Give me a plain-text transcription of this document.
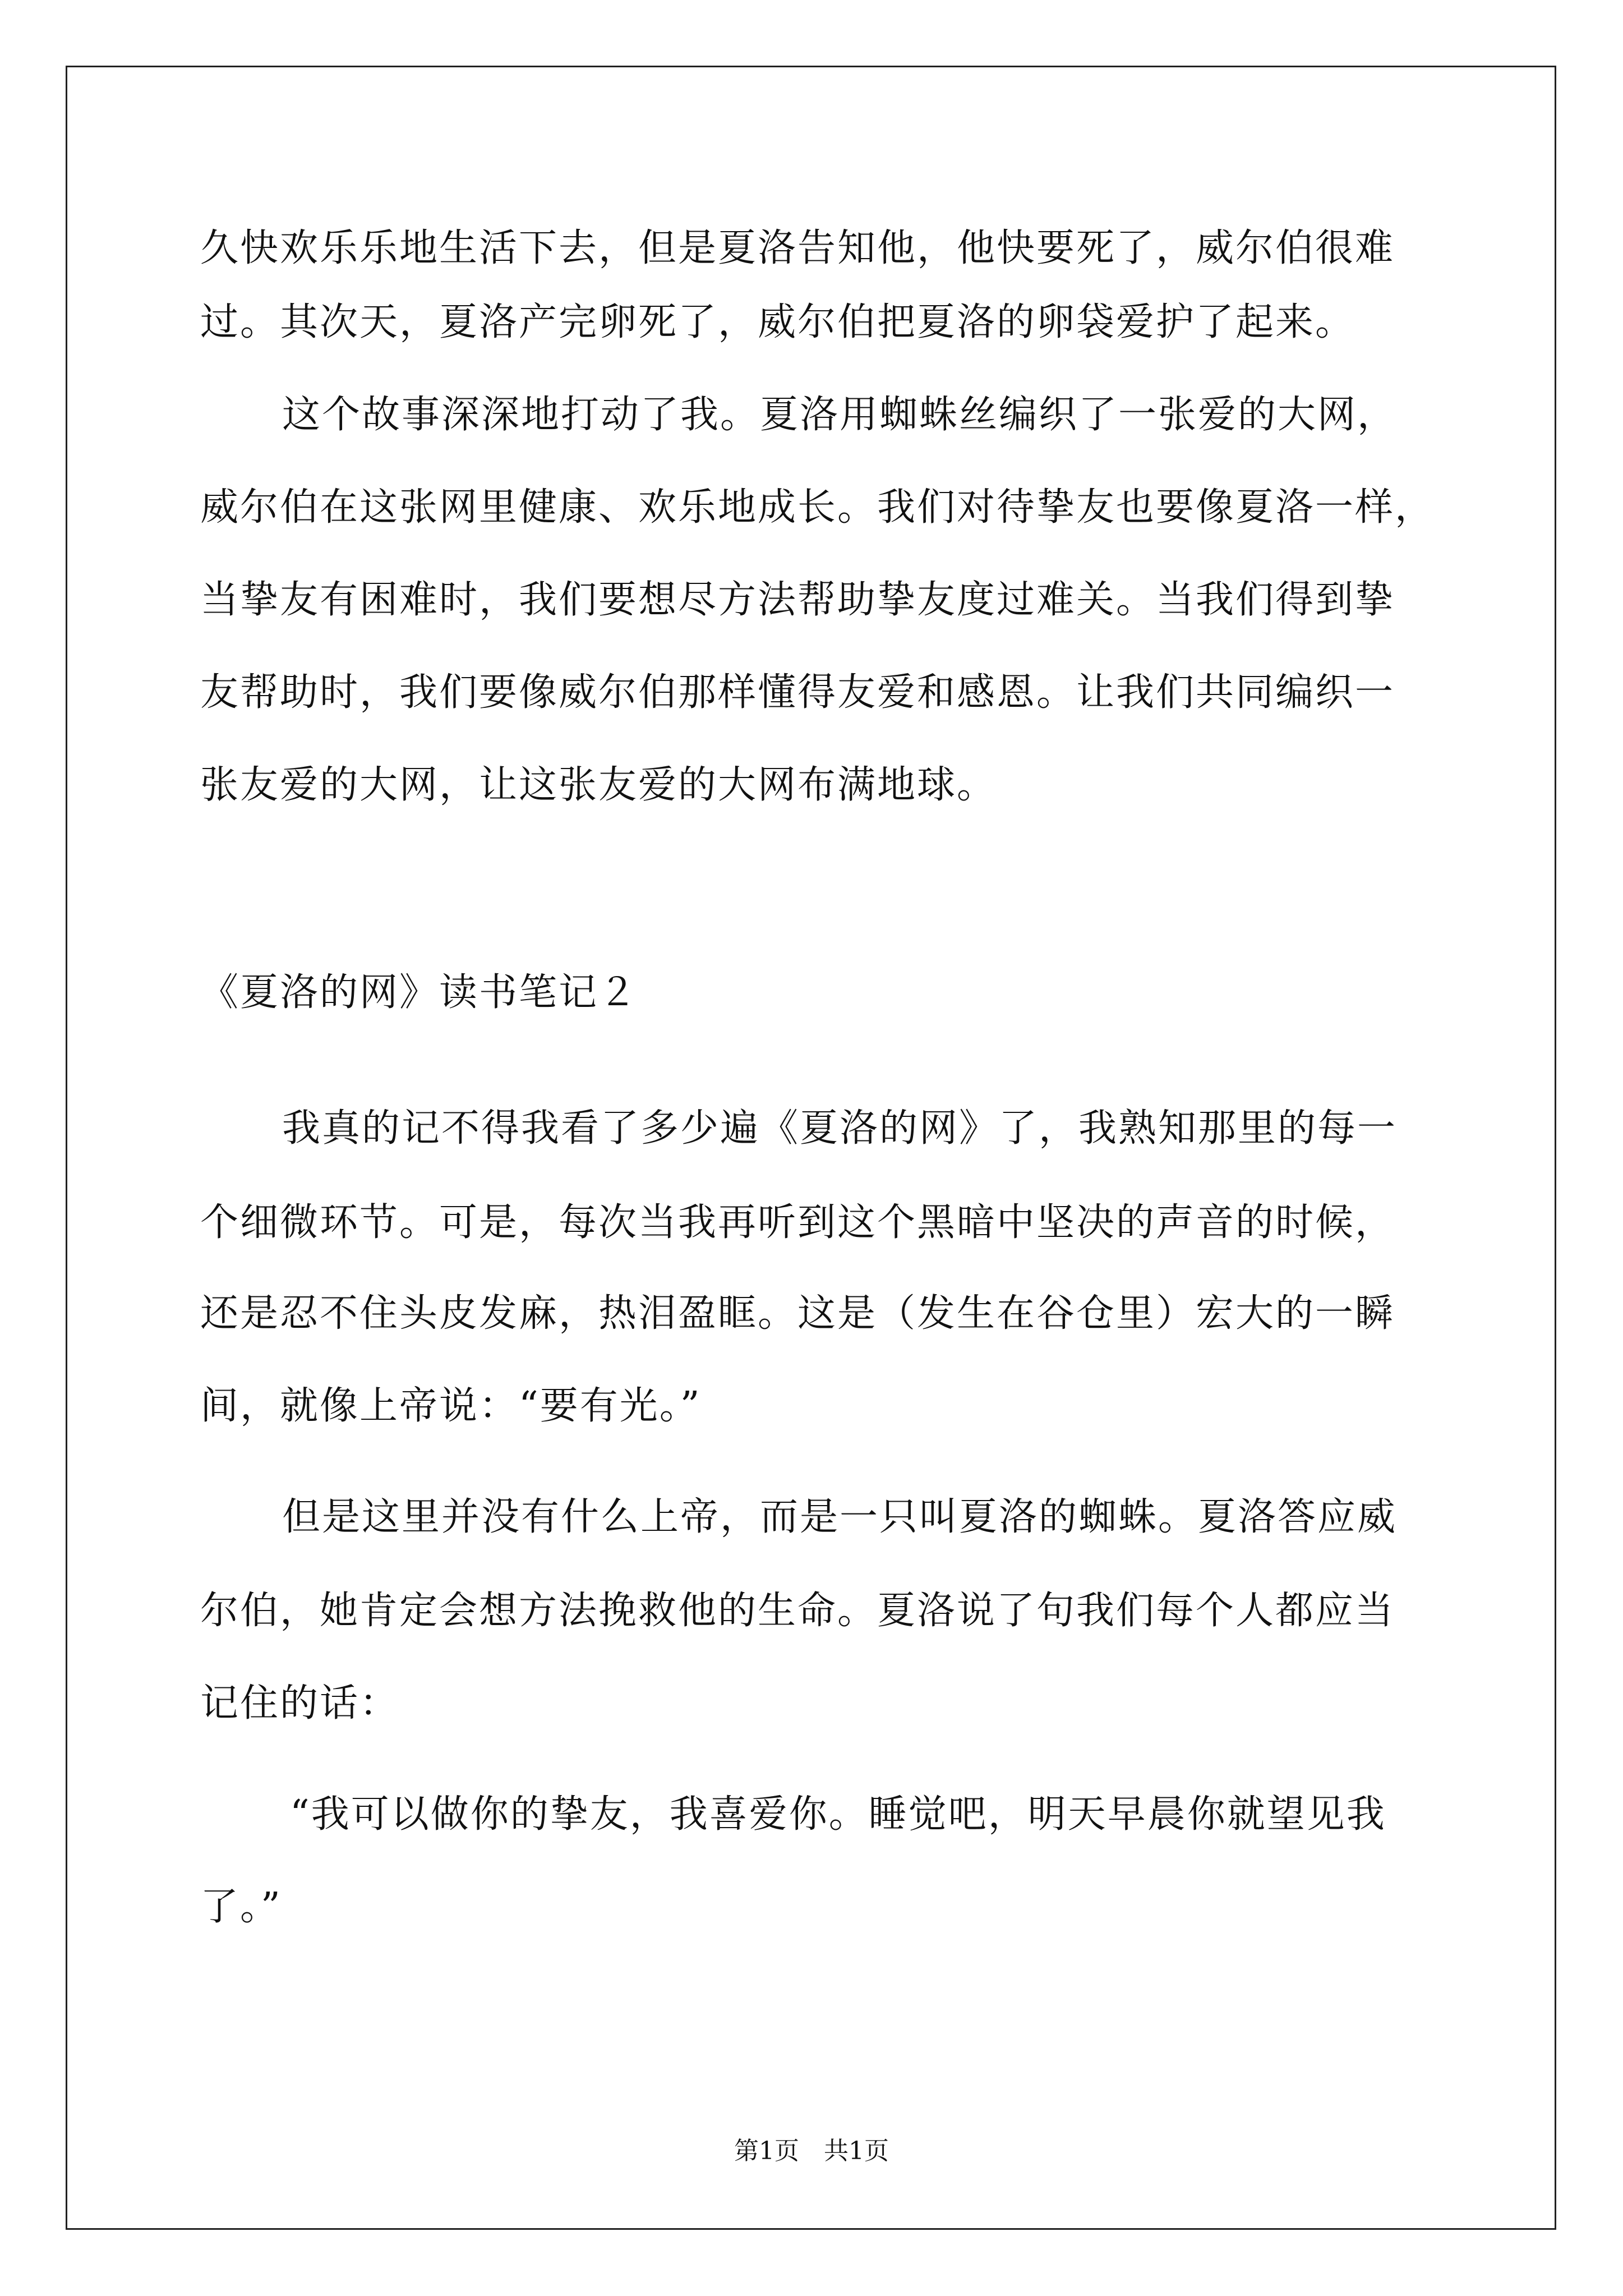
久快欢乐乐地生活下去，但是夏洛告知他，他快要死了，威尔伯很难
过。其次天，夏洛产完卵死了，威尔伯把夏洛的卵袋爱护了起来。
这个故事深深地打动了我。夏洛用蜘蛛丝编织了一张爱的大网，
威尔伯在这张网里健康、欢乐地成长。我们对待挚友也要像夏洛一样，
当挚友有困难时，我们要想尽方法帮助挚友度过难关。当我们得到挚
友帮助时，我们要像威尔伯那样懂得友爱和感恩。让我们共同编织一
张友爱的大网，让这张友爱的大网布满地球。
《夏洛的网》读书笔记２
我真的记不得我看了多少遍《夏洛的网》了，我熟知那里的每一
个细微环节。可是，每次当我再听到这个黑暗中坚决的声音的时候，
还是忍不住头皮发麻，热泪盈眶。这是（发生在谷仓里）宏大的一瞬
间，就像上帝说：“要有光。”
但是这里并没有什么上帝，而是一只叫夏洛的蜘蛛。夏洛答应威
尔伯，她肯定会想方法挽救他的生命。夏洛说了句我们每个人都应当
记住的话：
“我可以做你的挚友，我喜爱你。睡觉吧，明天早晨你就望见我
了。”
第1页　共1页
